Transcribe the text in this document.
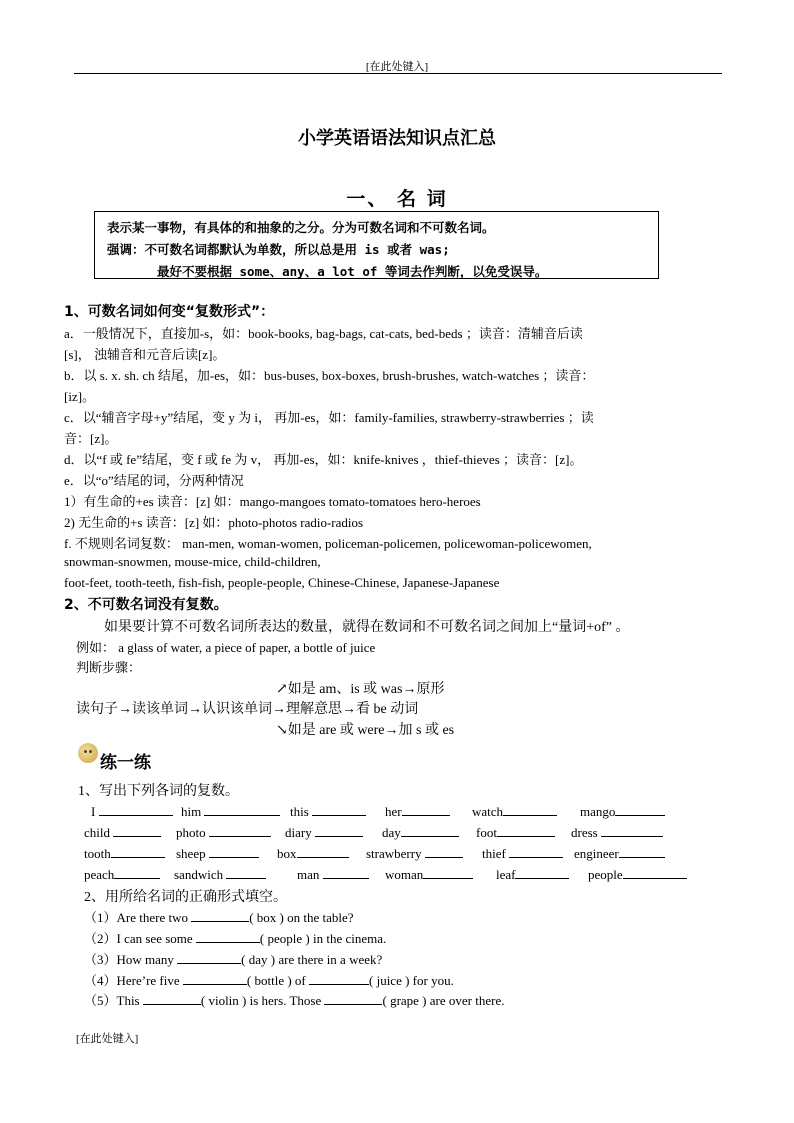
[在此处键入]
小学英语语法知识点汇总
一、 名 词
表示某一事物，有具体的和抽象的之分。分为可数名词和不可数名词。
强调：不可数名词都默认为单数，所以总是用 is 或者 was;
最好不要根据 some、any、a lot of 等词去作判断，以免受误导。
1、可数名词如何变“复数形式”：
a．一般情况下，直接加-s，如：book-books, bag-bags, cat-cats, bed-beds ；读音：清辅音后读
[s]， 浊辅音和元音后读[z]。
b．以 s. x. sh. ch 结尾，加-es，如：bus-buses, box-boxes, brush-brushes, watch-watches ；读音：
[iz]。
c．以“辅音字母+y”结尾，变 y 为 i， 再加-es，如：family-families, strawberry-strawberries ；读
音：[z]。
d．以“f 或 fe”结尾，变 f 或 fe 为 v， 再加-es，如：knife-knives ，thief-thieves ；读音：[z]。
e．以“o”结尾的词，分两种情况
1）有生命的+es 读音：[z] 如：mango-mangoes tomato-tomatoes hero-heroes
2) 无生命的+s 读音：[z] 如：photo-photos radio-radios
f. 不规则名词复数： man-men, woman-women, policeman-policemen, policewoman-policewomen,
snowman-snowmen, mouse-mice, child-children,
foot-feet, tooth-teeth, fish-fish, people-people, Chinese-Chinese, Japanese-Japanese
2、不可数名词没有复数。
如果要计算不可数名词所表达的数量，就得在数词和不可数名词之间加上“量词+of” 。
例如： a glass of water, a piece of paper, a bottle of juice
判断步骤：
↗如是 am、is 或 was→原形
读句子→读该单词→认识该单词→理解意思→看 be 动词
↘如是 are 或 were→加 s 或 es
练一练
1、写出下列各词的复数。
I	him	this	her	watch	mango
child	photo	diary	day	foot	dress
tooth	sheep	box	strawberry	thief	engineer
peach	sandwich	man	woman	leaf	people
2、用所给名词的正确形式填空。
（1）Are there two	( box ) on the table?
（2）I can see some	( people ) in the cinema.
（3）How many	( day ) are there in a week?
（4）Here’re five	( bottle ) of	( juice ) for you.
（5）This	( violin ) is hers. Those	( grape ) are over there.
[在此处键入]
